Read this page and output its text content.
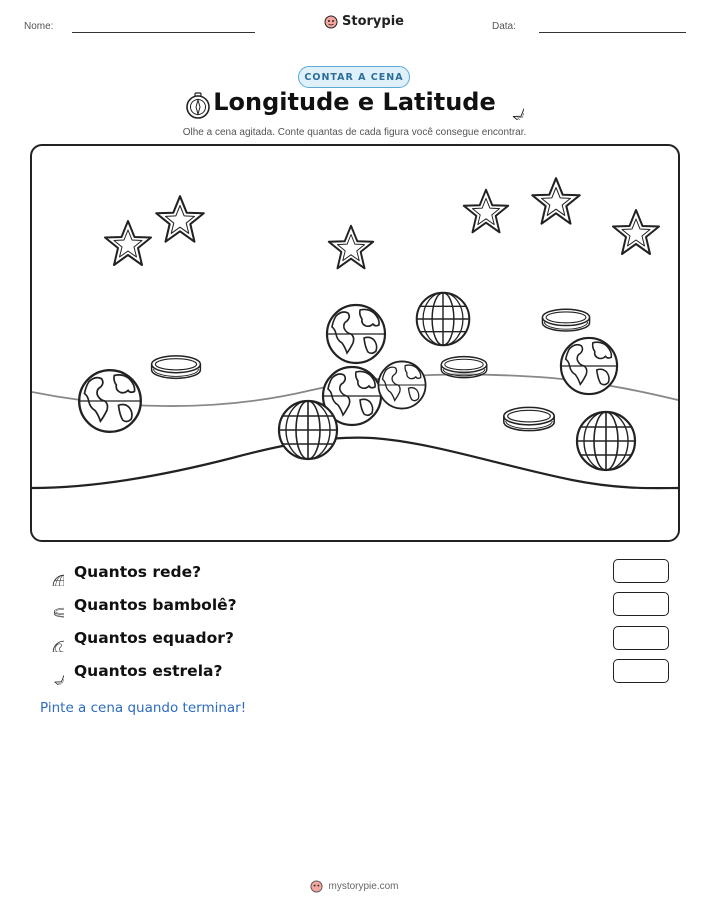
Nome:	Storypie	Data:
CONTAR A CENA
Longitude e Latitude
Olhe a cena agitada. Conte quantas de cada figura você consegue encontrar.
Quantos rede?
Quantos bambolê?
Quantos equador?
Quantos estrela?
Pinte a cena quando terminar!
mystorypie.com
